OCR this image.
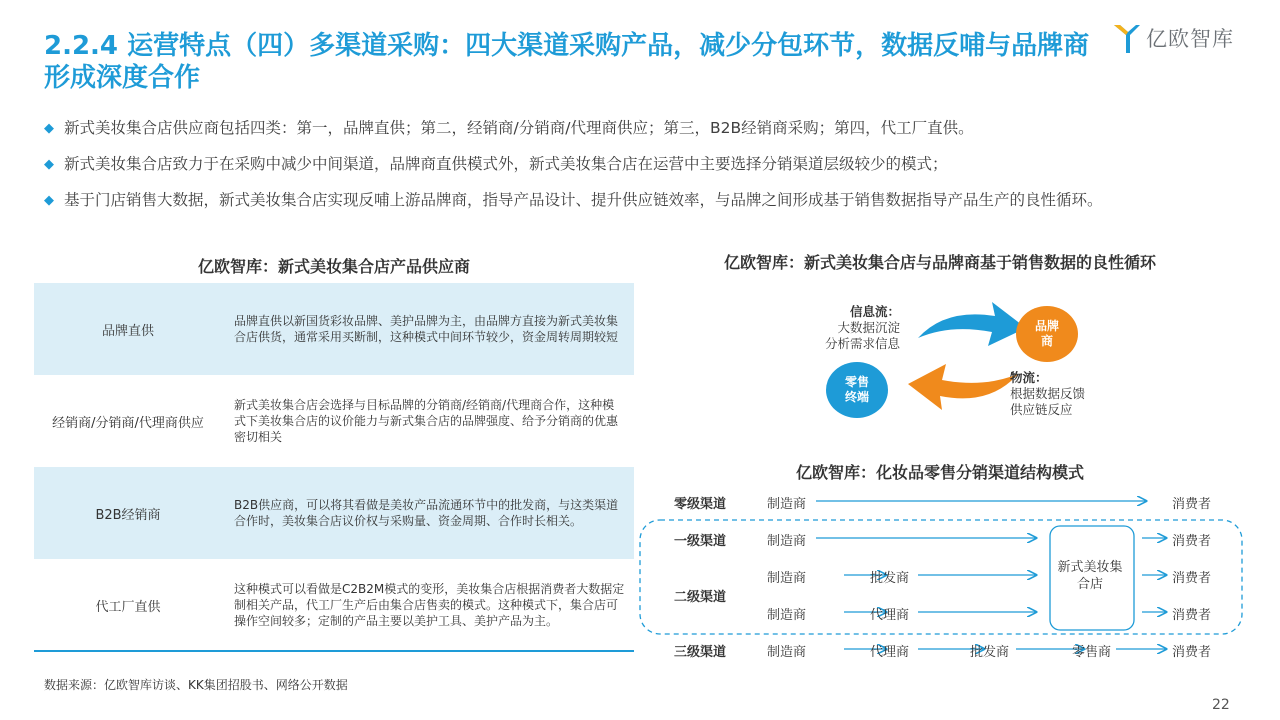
2.2.4 运营特点（四）多渠道采购：四大渠道采购产品，减少分包环节，数据反哺与品牌商形成深度合作
亿欧智库
◆ 新式美妆集合店供应商包括四类：第一，品牌直供；第二，经销商/分销商/代理商供应；第三，B2B经销商采购；第四，代工厂直供。
◆ 新式美妆集合店致力于在采购中减少中间渠道，品牌商直供模式外，新式美妆集合店在运营中主要选择分销渠道层级较少的模式；
◆ 基于门店销售大数据，新式美妆集合店实现反哺上游品牌商，指导产品设计、提升供应链效率，与品牌之间形成基于销售数据指导产品生产的良性循环。
亿欧智库：新式美妆集合店产品供应商
品牌直供
品牌直供以新国货彩妆品牌、美护品牌为主，由品牌方直接为新式美妆集合店供货，通常采用买断制，这种模式中间环节较少，资金周转周期较短
经销商/分销商/代理商供应
新式美妆集合店会选择与目标品牌的分销商/经销商/代理商合作，这种模式下美妆集合店的议价能力与新式集合店的品牌强度、给予分销商的优惠密切相关
B2B经销商
B2B供应商，可以将其看做是美妆产品流通环节中的批发商，与这类渠道合作时，美妆集合店议价权与采购量、资金周期、合作时长相关。
代工厂直供
这种模式可以看做是C2B2M模式的变形，美妆集合店根据消费者大数据定制相关产品，代工厂生产后由集合店售卖的模式。这种模式下，集合店可操作空间较多；定制的产品主要以美护工具、美护产品为主。
亿欧智库：新式美妆集合店与品牌商基于销售数据的良性循环
信息流：
大数据沉淀
分析需求信息
品牌商
零售终端
物流：
根据数据反馈
供应链反应
亿欧智库：化妆品零售分销渠道结构模式
零级渠道
一级渠道
二级渠道
三级渠道
制造商	消费者
制造商	消费者
制造商	批发商	消费者
制造商	代理商	消费者
新式美妆集合店
制造商	代理商	批发商	零售商	消费者
数据来源：亿欧智库访谈、KK集团招股书、网络公开数据
22
